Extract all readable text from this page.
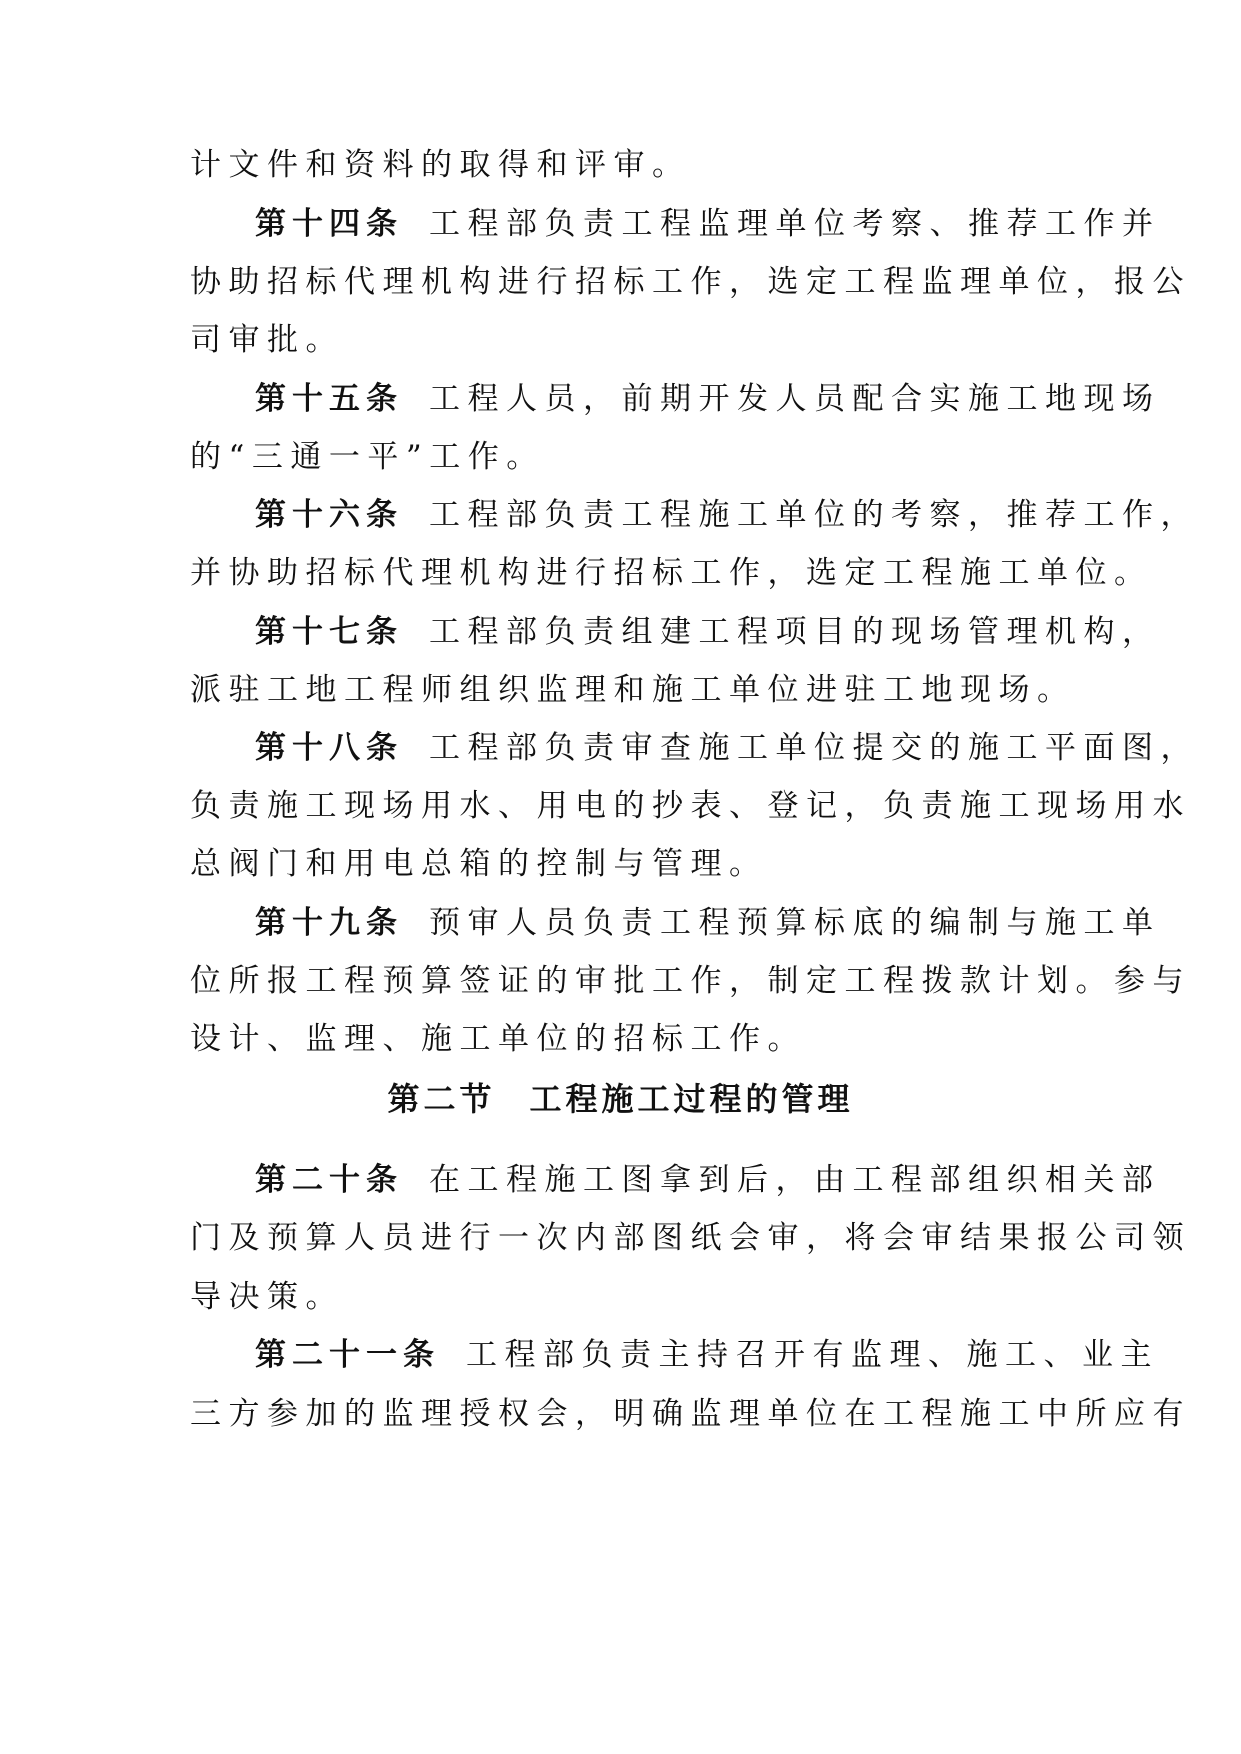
计文件和资料的取得和评审。
第十四条 工程部负责工程监理单位考察、推荐工作并
协助招标代理机构进行招标工作，选定工程监理单位，报公
司审批。
第十五条 工程人员，前期开发人员配合实施工地现场
的“三通一平”工作。
第十六条 工程部负责工程施工单位的考察，推荐工作，
并协助招标代理机构进行招标工作，选定工程施工单位。
第十七条 工程部负责组建工程项目的现场管理机构，
派驻工地工程师组织监理和施工单位进驻工地现场。
第十八条 工程部负责审查施工单位提交的施工平面图，
负责施工现场用水、用电的抄表、登记，负责施工现场用水
总阀门和用电总箱的控制与管理。
第十九条 预审人员负责工程预算标底的编制与施工单
位所报工程预算签证的审批工作，制定工程拨款计划。参与
设计、监理、施工单位的招标工作。
第二节 工程施工过程的管理
第二十条 在工程施工图拿到后，由工程部组织相关部
门及预算人员进行一次内部图纸会审，将会审结果报公司领
导决策。
第二十一条 工程部负责主持召开有监理、施工、业主
三方参加的监理授权会，明确监理单位在工程施工中所应有
